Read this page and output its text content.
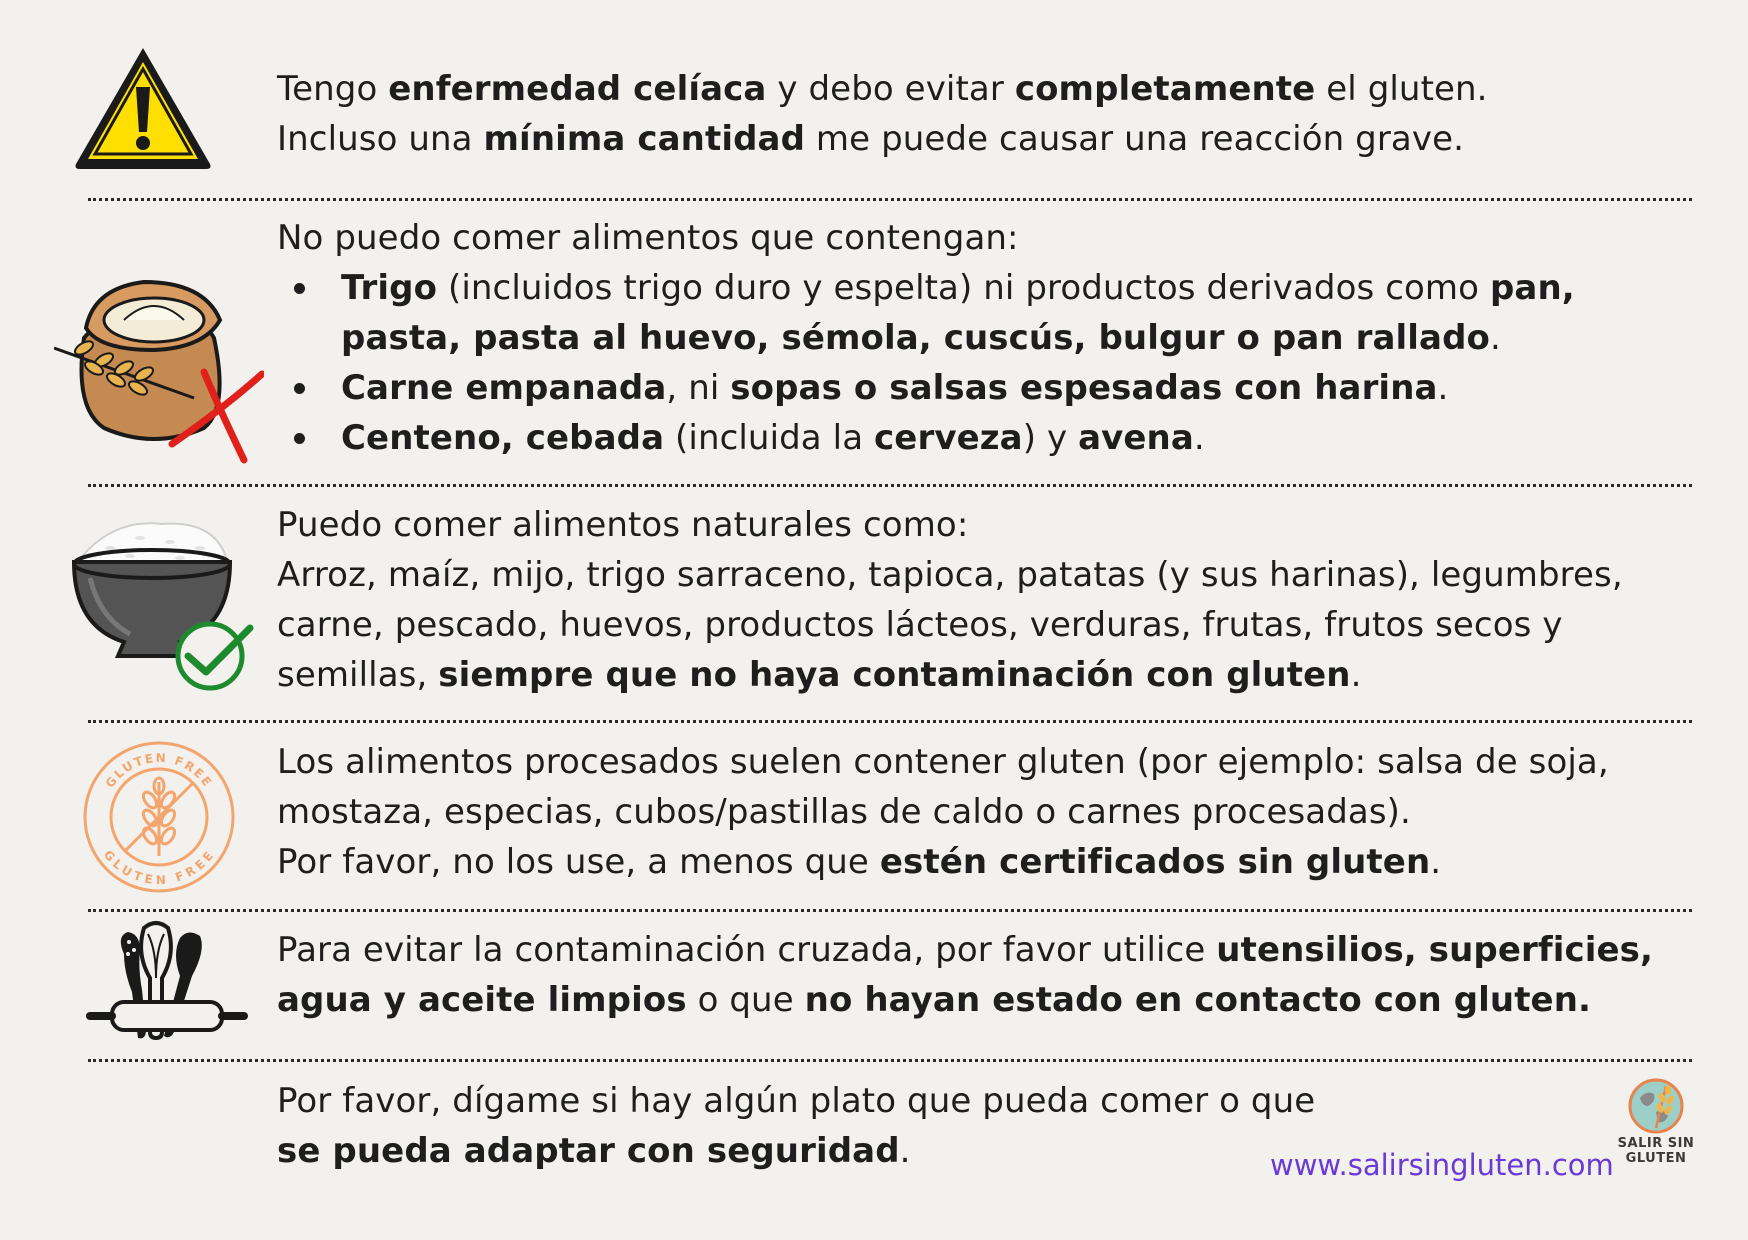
Tengo enfermedad celíaca y debo evitar completamente el gluten.
Incluso una mínima cantidad me puede causar una reacción grave.
No puedo comer alimentos que contengan:
Trigo (incluidos trigo duro y espelta) ni productos derivados como pan,
pasta, pasta al huevo, sémola, cuscús, bulgur o pan rallado.
Carne empanada, ni sopas o salsas espesadas con harina.
Centeno, cebada (incluida la cerveza) y avena.
Puedo comer alimentos naturales como:
Arroz, maíz, mijo, trigo sarraceno, tapioca, patatas (y sus harinas), legumbres,
carne, pescado, huevos, productos lácteos, verduras, frutas, frutos secos y
semillas, siempre que no haya contaminación con gluten.
GLUTEN FREE
GLUTEN FREE
Los alimentos procesados suelen contener gluten (por ejemplo: salsa de soja,
mostaza, especias, cubos/pastillas de caldo o carnes procesadas).
Por favor, no los use, a menos que estén certificados sin gluten.
Para evitar la contaminación cruzada, por favor utilice utensilios, superficies,
agua y aceite limpios o que no hayan estado en contacto con gluten.
Por favor, dígame si hay algún plato que pueda comer o que
se pueda adaptar con seguridad.	www.salirsingluten.com
SALIR SIN
GLUTEN
